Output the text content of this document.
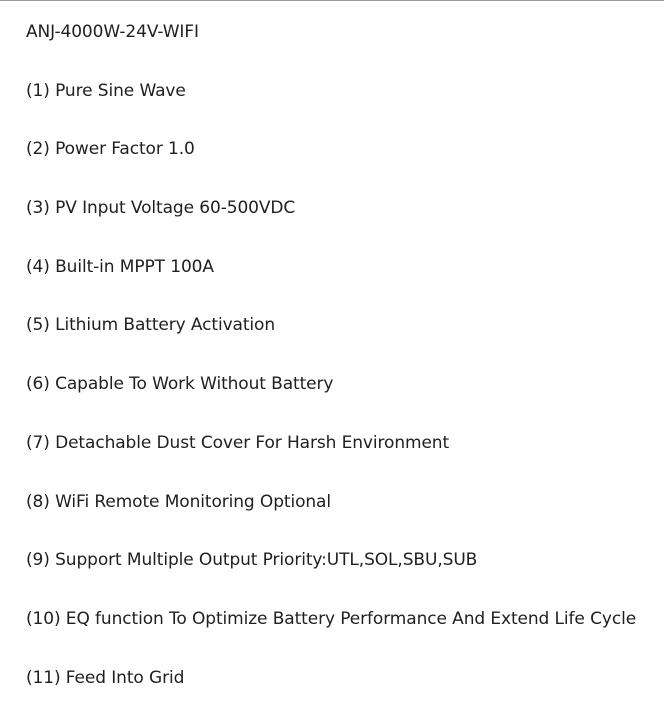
ANJ-4000W-24V-WIFI
(1) Pure Sine Wave
(2) Power Factor 1.0
(3) PV Input Voltage 60-500VDC
(4) Built-in MPPT 100A
(5) Lithium Battery Activation
(6) Capable To Work Without Battery
(7) Detachable Dust Cover For Harsh Environment
(8) WiFi Remote Monitoring Optional
(9) Support Multiple Output Priority:UTL,SOL,SBU,SUB
(10) EQ function To Optimize Battery Performance And Extend Life Cycle
(11) Feed Into Grid
